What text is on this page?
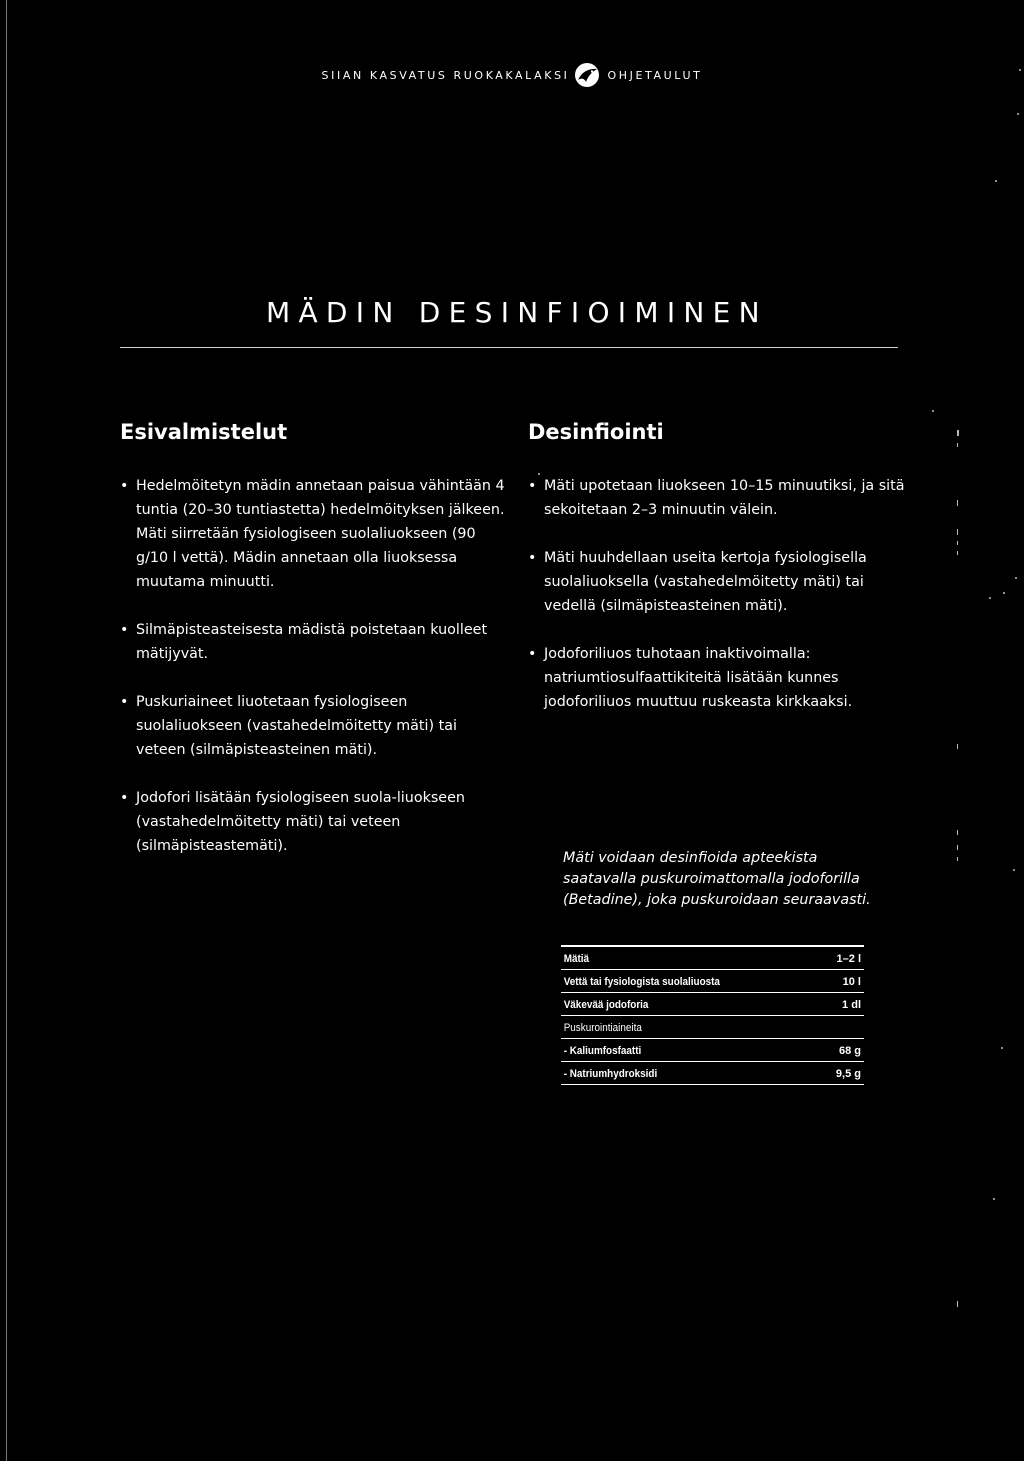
SIIAN KASVATUS RUOKAKALAKSI	OHJETAULUT
MÄDIN DESINFIOIMINEN
Esivalmistelut
• Hedelmöitetyn mädin annetaan paisua vähintään 4 tuntia (20–30 tuntiastetta) hedelmöityksen jälkeen. Mäti siirretään fysiologiseen suolaliuokseen (90 g/10 l vettä). Mädin annetaan olla liuoksessa muutama minuutti.
• Silmäpisteasteisesta mädistä poistetaan kuolleet mätijyvät.
• Puskuriaineet liuotetaan fysiologiseen suolaliuokseen (vastahedelmöitetty mäti) tai veteen (silmäpisteasteinen mäti).
• Jodofori lisätään fysiologiseen suola-liuokseen (vastahedelmöitetty mäti) tai veteen (silmäpisteastemäti).
Desinfiointi
• Mäti upotetaan liuokseen 10–15 minuutiksi, ja sitä sekoitetaan 2–3 minuutin välein.
• Mäti huuhdellaan useita kertoja fysiologisella suolaliuoksella (vastahedelmöitetty mäti) tai vedellä (silmäpisteasteinen mäti).
• Jodoforiliuos tuhotaan inaktivoimalla: natriumtiosulfaattikiteitä lisätään kunnes jodoforiliuos muuttuu ruskeasta kirkkaaksi.
Mäti voidaan desinfioida apteekista saatavalla puskuroimattomalla jodoforilla (Betadine), joka puskuroidaan seuraavasti.
Mätiä	1–2 l
Vettä tai fysiologista suolaliuosta	10 l
Väkevää jodoforia	1 dl
Puskurointiaineita	
- Kaliumfosfaatti	68 g
- Natriumhydroksidi	9,5 g
